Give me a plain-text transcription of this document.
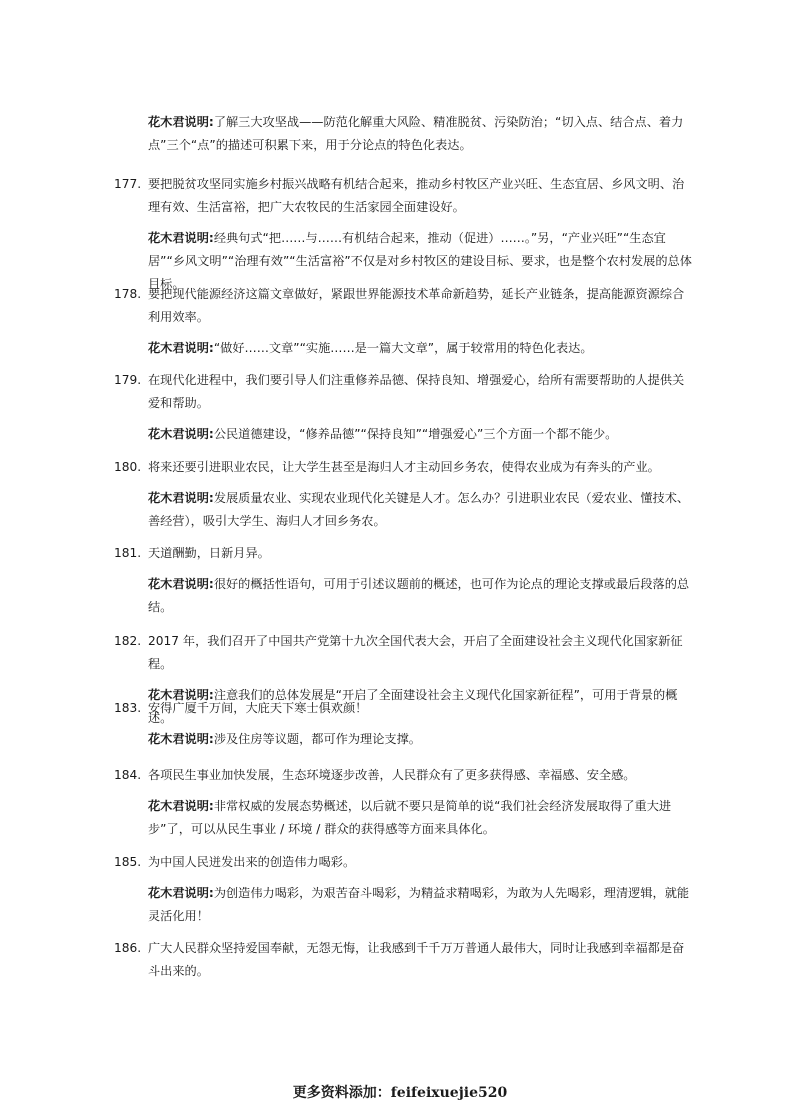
花木君说明:了解三大攻坚战——防范化解重大风险、精准脱贫、污染防治；“切入点、结合点、着力点”三个“点”的描述可积累下来，用于分论点的特色化表达。
177. 要把脱贫攻坚同实施乡村振兴战略有机结合起来，推动乡村牧区产业兴旺、生态宜居、乡风文明、治理有效、生活富裕，把广大农牧民的生活家园全面建设好。
花木君说明:经典句式“把……与……有机结合起来，推动（促进）……。”另，“产业兴旺”“生态宜居”“乡风文明”“治理有效”“生活富裕”不仅是对乡村牧区的建设目标、要求，也是整个农村发展的总体目标。
178. 要把现代能源经济这篇文章做好，紧跟世界能源技术革命新趋势，延长产业链条，提高能源资源综合利用效率。
花木君说明:“做好……文章”“实施……是一篇大文章”，属于较常用的特色化表达。
179. 在现代化进程中，我们要引导人们注重修养品德、保持良知、增强爱心，给所有需要帮助的人提供关爱和帮助。
花木君说明:公民道德建设，“修养品德”“保持良知”“增强爱心”三个方面一个都不能少。
180. 将来还要引进职业农民，让大学生甚至是海归人才主动回乡务农，使得农业成为有奔头的产业。
花木君说明:发展质量农业、实现农业现代化关键是人才。怎么办？引进职业农民（爱农业、懂技术、善经营），吸引大学生、海归人才回乡务农。
181. 天道酬勤，日新月异。
花木君说明:很好的概括性语句，可用于引述议题前的概述，也可作为论点的理论支撑或最后段落的总结。
182. 2017 年，我们召开了中国共产党第十九次全国代表大会，开启了全面建设社会主义现代化国家新征程。
花木君说明:注意我们的总体发展是“开启了全面建设社会主义现代化国家新征程”，可用于背景的概述。
183. 安得广厦千万间，大庇天下寒士俱欢颜！
花木君说明:涉及住房等议题，都可作为理论支撑。
184. 各项民生事业加快发展，生态环境逐步改善，人民群众有了更多获得感、幸福感、安全感。
花木君说明:非常权威的发展态势概述，以后就不要只是简单的说“我们社会经济发展取得了重大进步”了，可以从民生事业 / 环境 / 群众的获得感等方面来具体化。
185. 为中国人民迸发出来的创造伟力喝彩。
花木君说明:为创造伟力喝彩，为艰苦奋斗喝彩，为精益求精喝彩，为敢为人先喝彩，理清逻辑，就能灵活化用！
186. 广大人民群众坚持爱国奉献，无怨无悔，让我感到千千万万普通人最伟大，同时让我感到幸福都是奋斗出来的。
更多资料添加：feifeixuejie520
